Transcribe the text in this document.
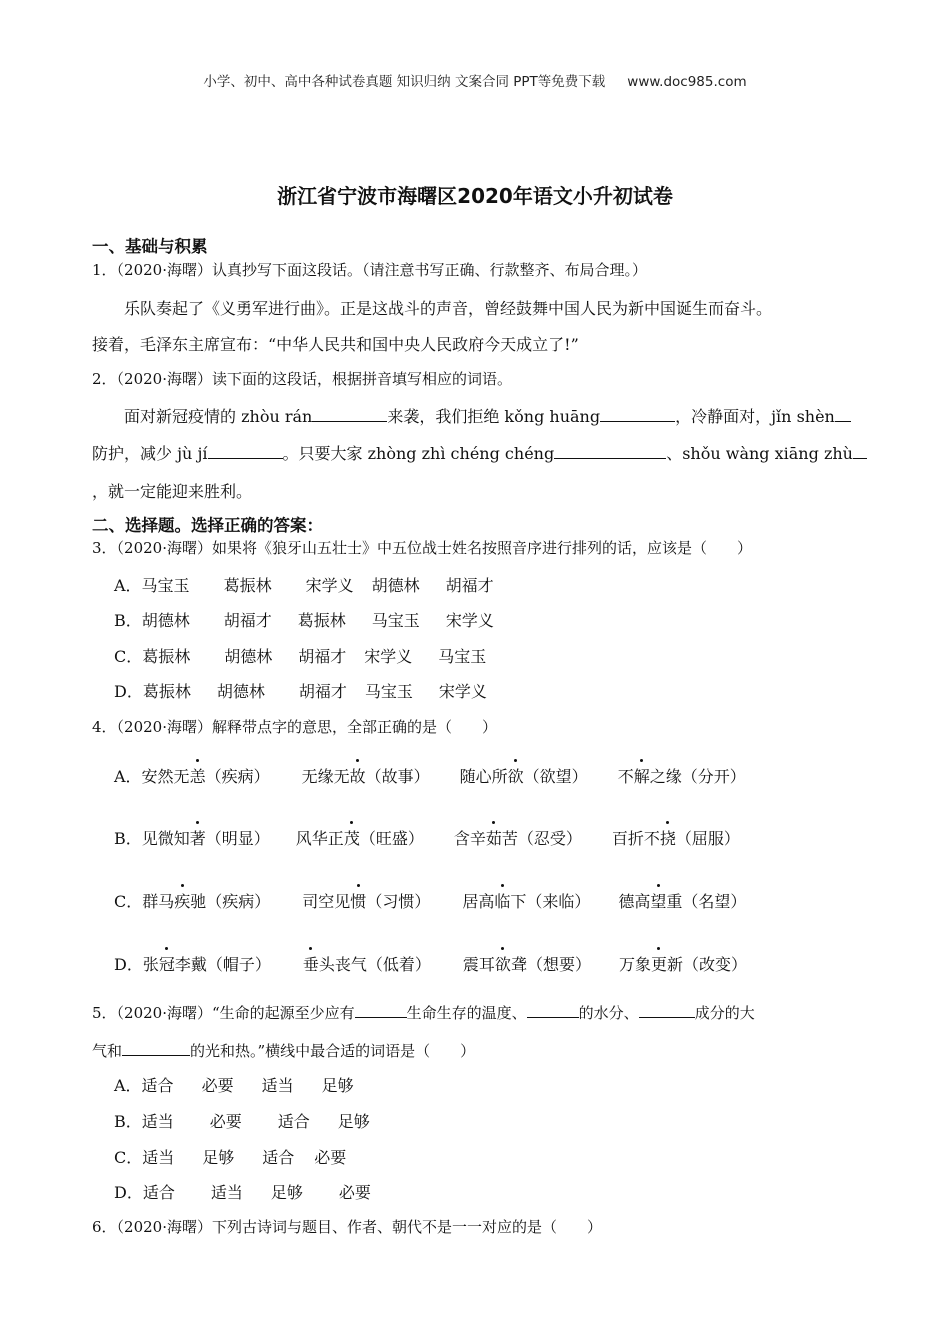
小学、初中、高中各种试卷真题 知识归纳 文案合同 PPT等免费下载 www.doc985.com
浙江省宁波市海曙区2020年语文小升初试卷
一、基础与积累
1．（2020·海曙）认真抄写下面这段话。（请注意书写正确、行款整齐、布局合理。）
乐队奏起了《义勇军进行曲》。正是这战斗的声音，曾经鼓舞中国人民为新中国诞生而奋斗。
接着，毛泽东主席宣布：“中华人民共和国中央人民政府今天成立了!”
2．（2020·海曙）读下面的这段话，根据拼音填写相应的词语。
面对新冠疫情的 zhòu rán	来袭，我们拒绝 kǒng huāng	，冷静面对，jǐn shèn
防护，减少 jù jí	。只要大家 zhòng zhì chéng chéng	、shǒu wàng xiāng zhù
，就一定能迎来胜利。
二、选择题。选择正确的答案：
3．（2020·海曙）如果将《狼牙山五壮士》中五位战士姓名按照音序进行排列的话，应该是（　　）
A．马宝玉 葛振林 宋学义 胡德林 胡福才
B．胡德林 胡福才 葛振林 马宝玉 宋学义
C．葛振林 胡德林 胡福才 宋学义 马宝玉
D．葛振林 胡德林 胡福才 马宝玉 宋学义
4．（2020·海曙）解释带点字的意思，全部正确的是（　　）
A．安然无恙（疾病） 无缘无故（故事） 随心所欲（欲望） 不解之缘（分开）
B．见微知著（明显） 风华正茂（旺盛） 含辛茹苦（忍受） 百折不挠（屈服）
C．群马疾驰（疾病） 司空见惯（习惯） 居高临下（来临） 德高望重（名望）
D．张冠李戴（帽子） 垂头丧气（低着） 震耳欲聋（想要） 万象更新（改变）
5．（2020·海曙）“生命的起源至少应有	生命生存的温度、	的水分、	成分的大
气和	的光和热。”横线中最合适的词语是（　　）
A．适合 必要 适当 足够
B．适当 必要 适合 足够
C．适当 足够 适合 必要
D．适合 适当 足够 必要
6．（2020·海曙）下列古诗词与题目、作者、朝代不是一一对应的是（　　）
